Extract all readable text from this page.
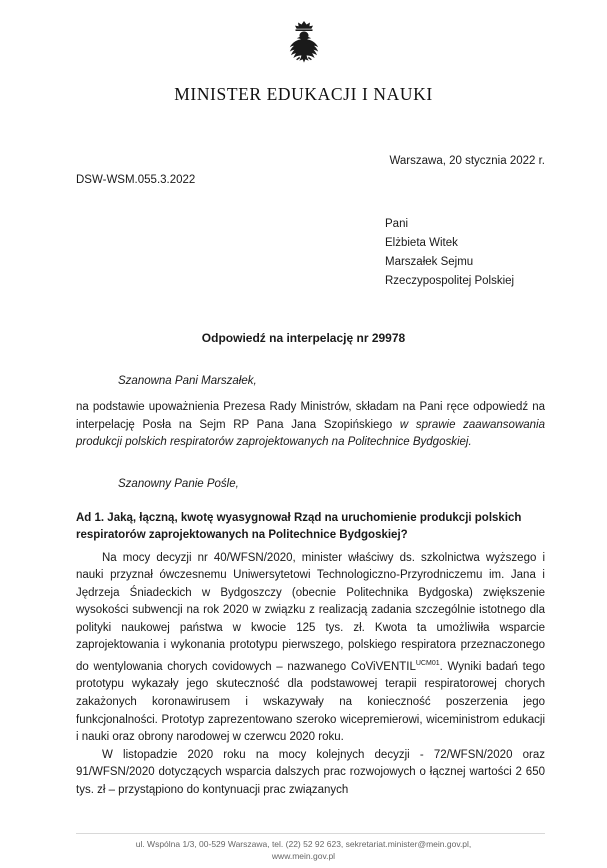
MINISTER EDUKACJI I NAUKI
Warszawa, 20 stycznia 2022 r.
DSW-WSM.055.3.2022
Pani
Elżbieta Witek
Marszałek Sejmu
Rzeczypospolitej Polskiej
Odpowiedź na interpelację nr 29978
Szanowna Pani Marszałek,

na podstawie upoważnienia Prezesa Rady Ministrów, składam na Pani ręce odpowiedź na interpelację Posła na Sejm RP Pana Jana Szopińskiego w sprawie zaawansowania produkcji polskich respiratorów zaprojektowanych na Politechnice Bydgoskiej.

Szanowny Panie Pośle,
Ad 1. Jaką, łączną, kwotę wyasygnował Rząd na uruchomienie produkcji polskich respiratorów zaprojektowanych na Politechnice Bydgoskiej?

Na mocy decyzji nr 40/WFSN/2020, minister właściwy ds. szkolnictwa wyższego i nauki przyznał ówczesnemu Uniwersytetowi Technologiczno-Przyrodniczemu im. Jana i Jędrzeja Śniadeckich w Bydgoszczy (obecnie Politechnika Bydgoska) zwiększenie wysokości subwencji na rok 2020 w związku z realizacją zadania szczególnie istotnego dla polityki naukowej państwa w kwocie 125 tys. zł. Kwota ta umożliwiła wsparcie zaprojektowania i wykonania prototypu pierwszego, polskiego respiratora przeznaczonego do wentylowania chorych covidowych – nazwanego CoViVENTIL$^{UCM01}$. Wyniki badań tego prototypu wykazały jego skuteczność dla podstawowej terapii respiratorowej chorych zakażonych koronawirusem i wskazywały na konieczność poszerzenia jego funkcjonalności. Prototyp zaprezentowano szeroko wicepremierowi, wiceministrom edukacji i nauki oraz obrony narodowej w czerwcu 2020 roku.

W listopadzie 2020 roku na mocy kolejnych decyzji - 72/WFSN/2020 oraz 91/WFSN/2020 dotyczących wsparcia dalszych prac rozwojowych o łącznej wartości 2 650 tys. zł – przystąpiono do kontynuacji prac związanych

ul. Wspólna 1/3, 00-529 Warszawa, tel. (22) 52 92 623, sekretariat.minister@mein.gov.pl,
www.mein.gov.pl
